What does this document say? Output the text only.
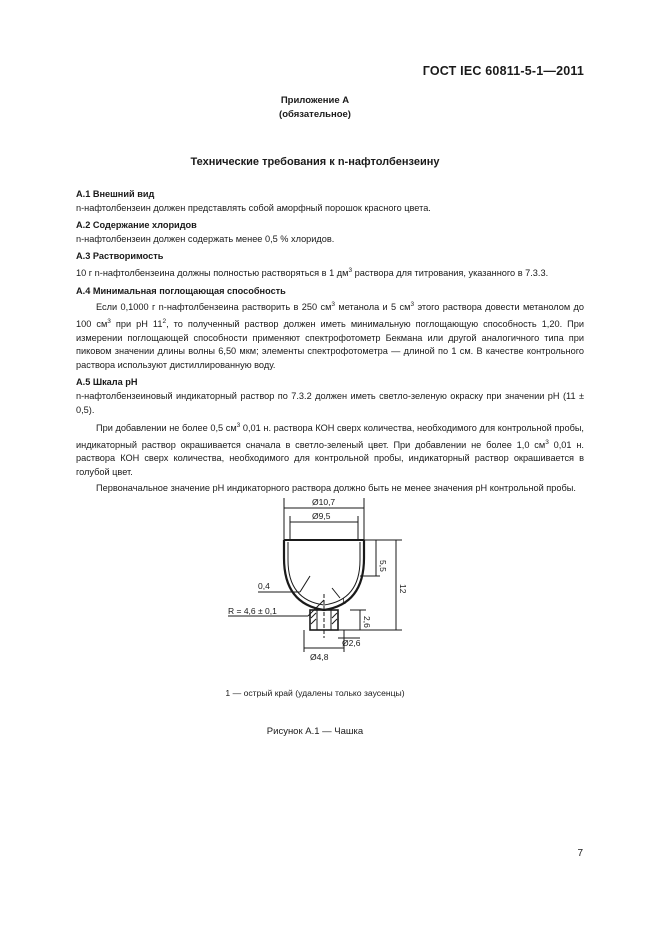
ГОСТ IEC 60811-5-1—2011
Приложение А
(обязательное)
Технические требования к n-нафтолбензеину
А.1 Внешний вид

n-нафтолбензеин должен представлять собой аморфный порошок красного цвета.

А.2 Содержание хлоридов

n-нафтолбензеин должен содержать менее 0,5 % хлоридов.

А.3 Растворимость

10 г n-нафтолбензеина должны полностью растворяться в 1 $дм^3$ раствора для титрования, указанного в 7.3.3.

А.4 Минимальная поглощающая способность

Если 0,1000 г n-нафтолбензеина растворить в 250 $см^3$ метанола и 5 $см^3$ этого раствора довести метанолом до 100 $см^3$ при рН $11^2$, то полученный раствор должен иметь минимальную поглощающую способность 1,20. При измерении поглощающей способности применяют спектрофотометр Бекмана или другой аналогичного типа при пиковом значении длины волны 6,50 мкм; элементы спектрофотометра — длиной по 1 см. В качестве контрольного раствора используют дистиллированную воду.

А.5 Шкала рН

n-нафтолбензеиновый индикаторный раствор по 7.3.2 должен иметь светло-зеленую окраску при значении рН (11 ± 0,5).

При добавлении не более 0,5 $см^3$ 0,01 н. раствора КОН сверх количества, необходимого для контрольной пробы, индикаторный раствор окрашивается сначала в светло-зеленый цвет. При добавлении не более 1,0 $см^3$ 0,01 н. раствора КОН сверх количества, необходимого для контрольной пробы, индикаторный раствор окрашивается в голубой цвет.

Первоначальное значение рН индикаторного раствора должно быть не менее значения рН контрольной пробы.

Ø10,7
Ø9,5
5,5
12
0,4
R = 4,6 ± 0,1
Ø2,6
2,6
Ø4,8
1
1 — острый край (удалены только заусенцы)
Рисунок А.1 — Чашка
7
